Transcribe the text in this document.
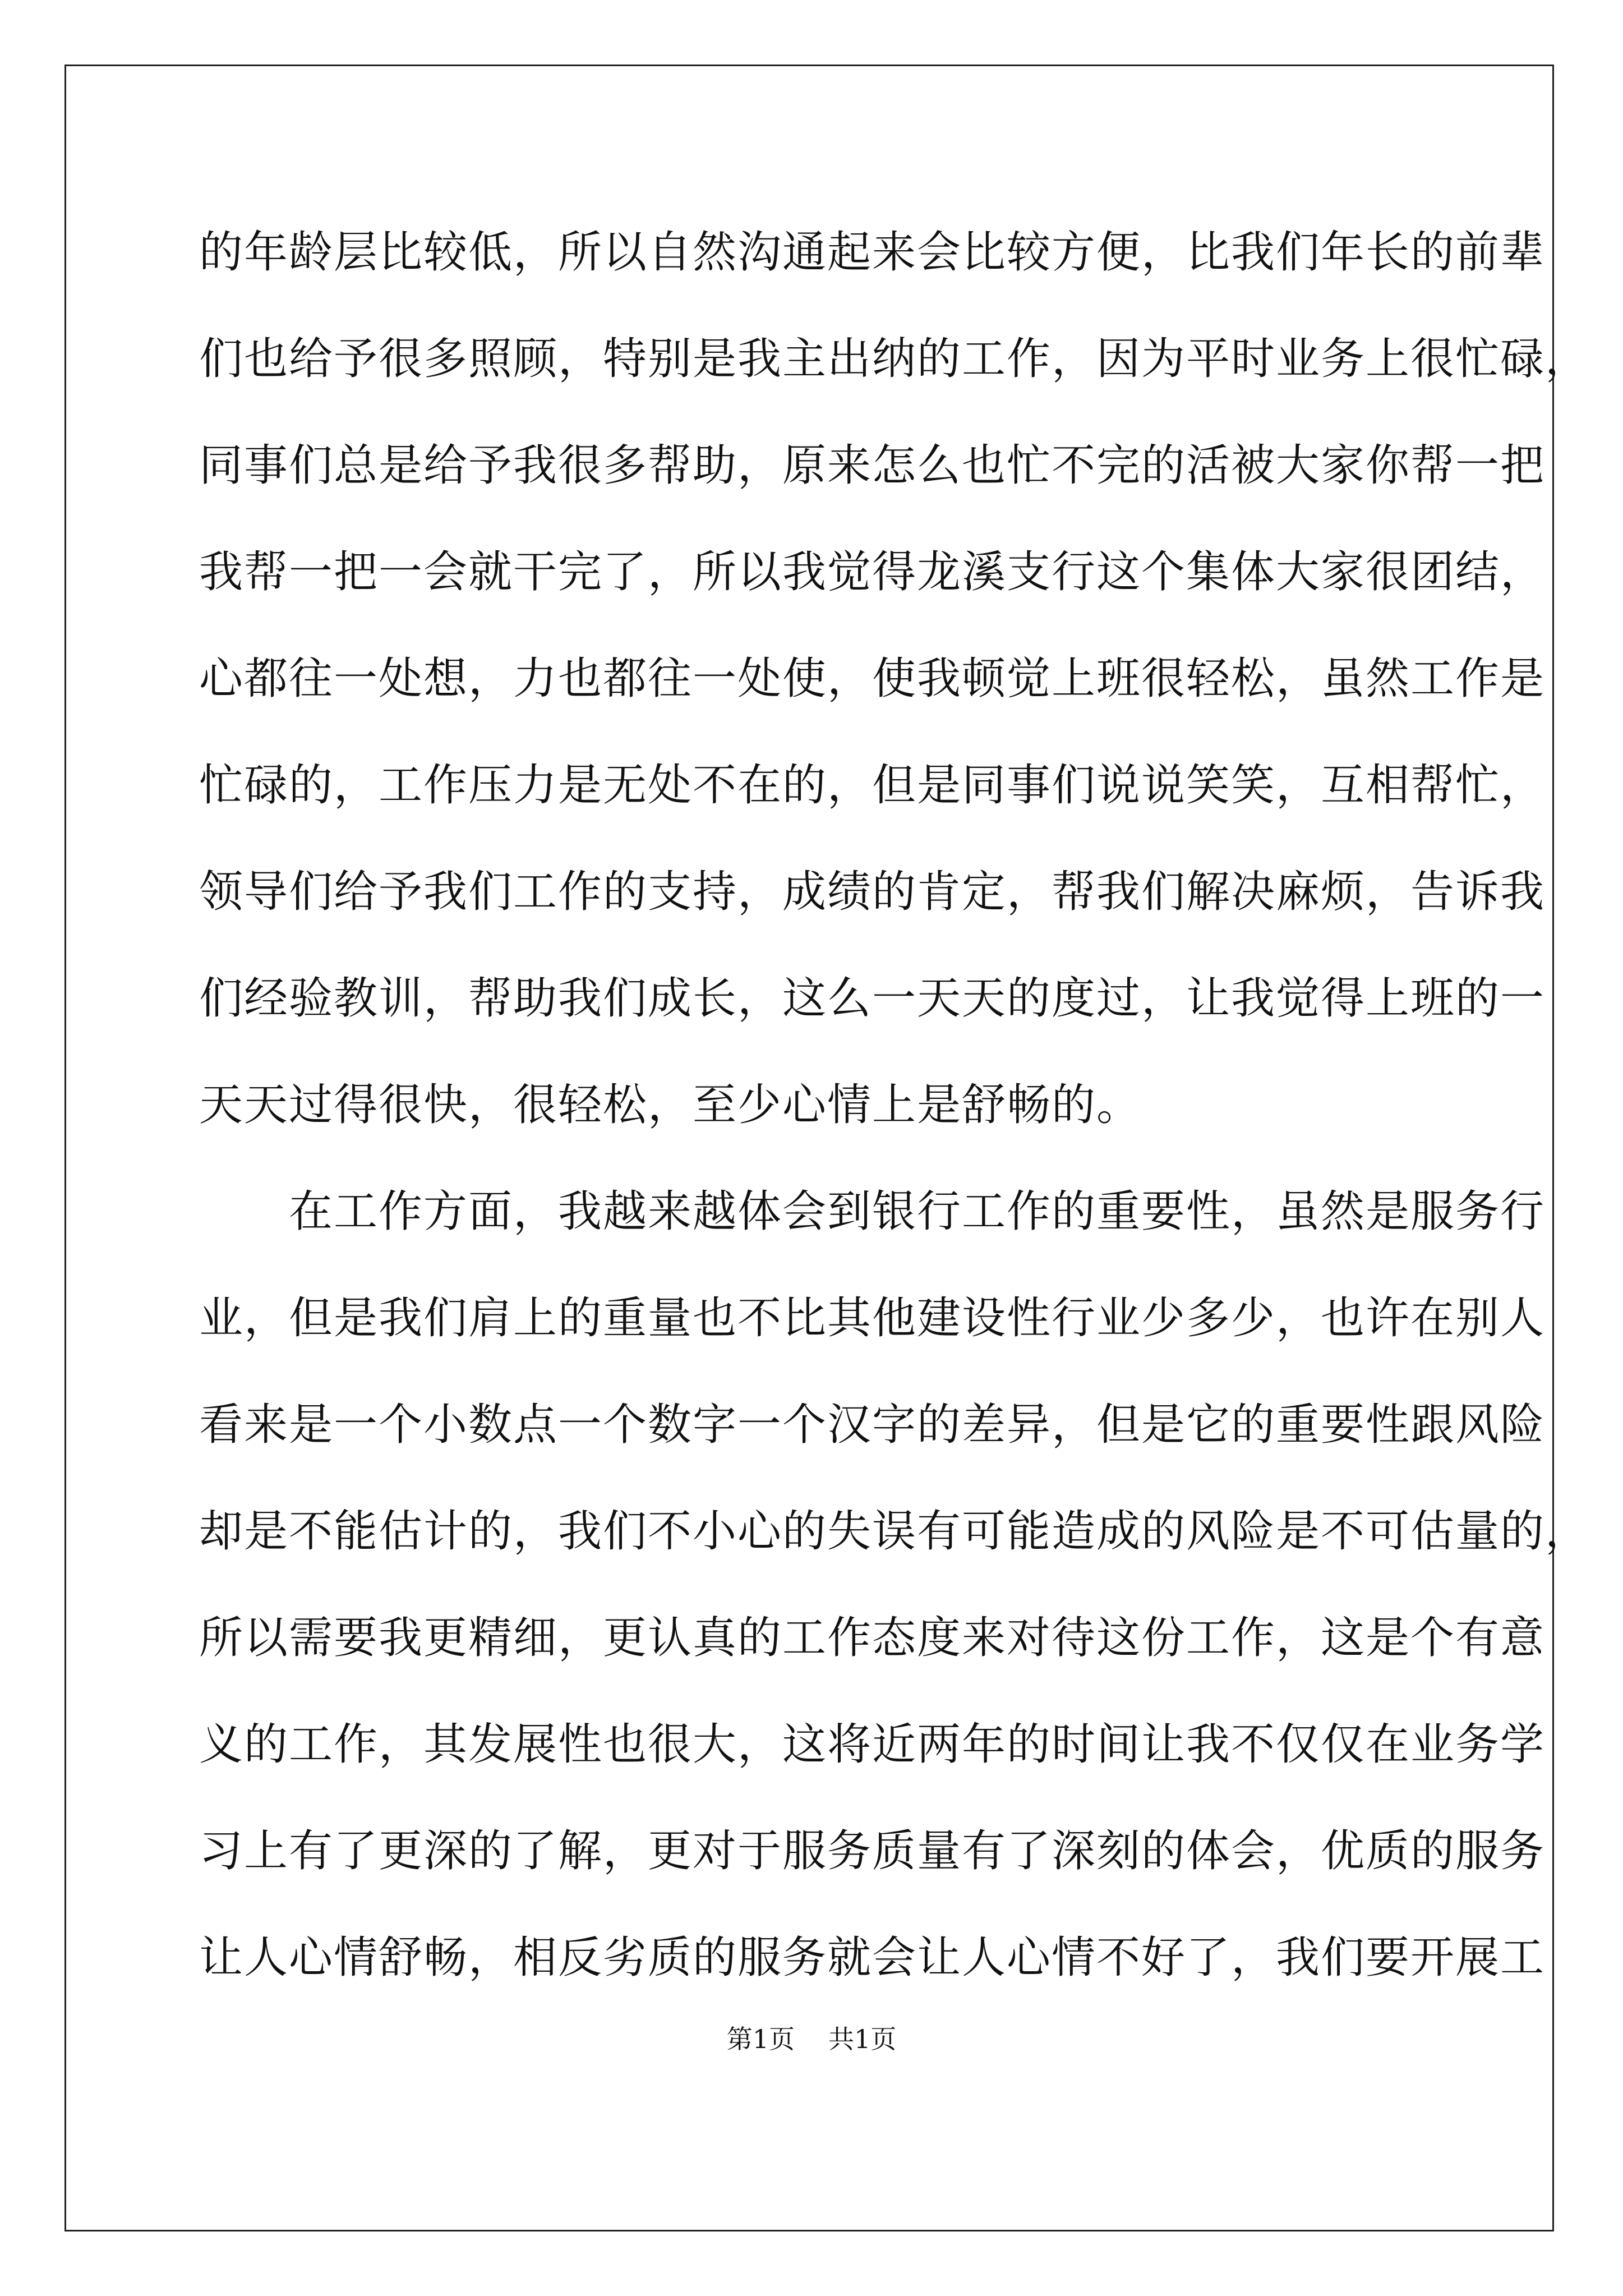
的年龄层比较低，所以自然沟通起来会比较方便，比我们年长的前辈
们也给予很多照顾，特别是我主出纳的工作，因为平时业务上很忙碌，
同事们总是给予我很多帮助，原来怎么也忙不完的活被大家你帮一把
我帮一把一会就干完了，所以我觉得龙溪支行这个集体大家很团结，
心都往一处想，力也都往一处使，使我顿觉上班很轻松，虽然工作是
忙碌的，工作压力是无处不在的，但是同事们说说笑笑，互相帮忙，
领导们给予我们工作的支持，成绩的肯定，帮我们解决麻烦，告诉我
们经验教训，帮助我们成长，这么一天天的度过，让我觉得上班的一
天天过得很快，很轻松，至少心情上是舒畅的。
　　在工作方面，我越来越体会到银行工作的重要性，虽然是服务行
业，但是我们肩上的重量也不比其他建设性行业少多少，也许在别人
看来是一个小数点一个数字一个汉字的差异，但是它的重要性跟风险
却是不能估计的，我们不小心的失误有可能造成的风险是不可估量的，
所以需要我更精细，更认真的工作态度来对待这份工作，这是个有意
义的工作，其发展性也很大，这将近两年的时间让我不仅仅在业务学
习上有了更深的了解，更对于服务质量有了深刻的体会，优质的服务
让人心情舒畅，相反劣质的服务就会让人心情不好了，我们要开展工
第1页 共1页
